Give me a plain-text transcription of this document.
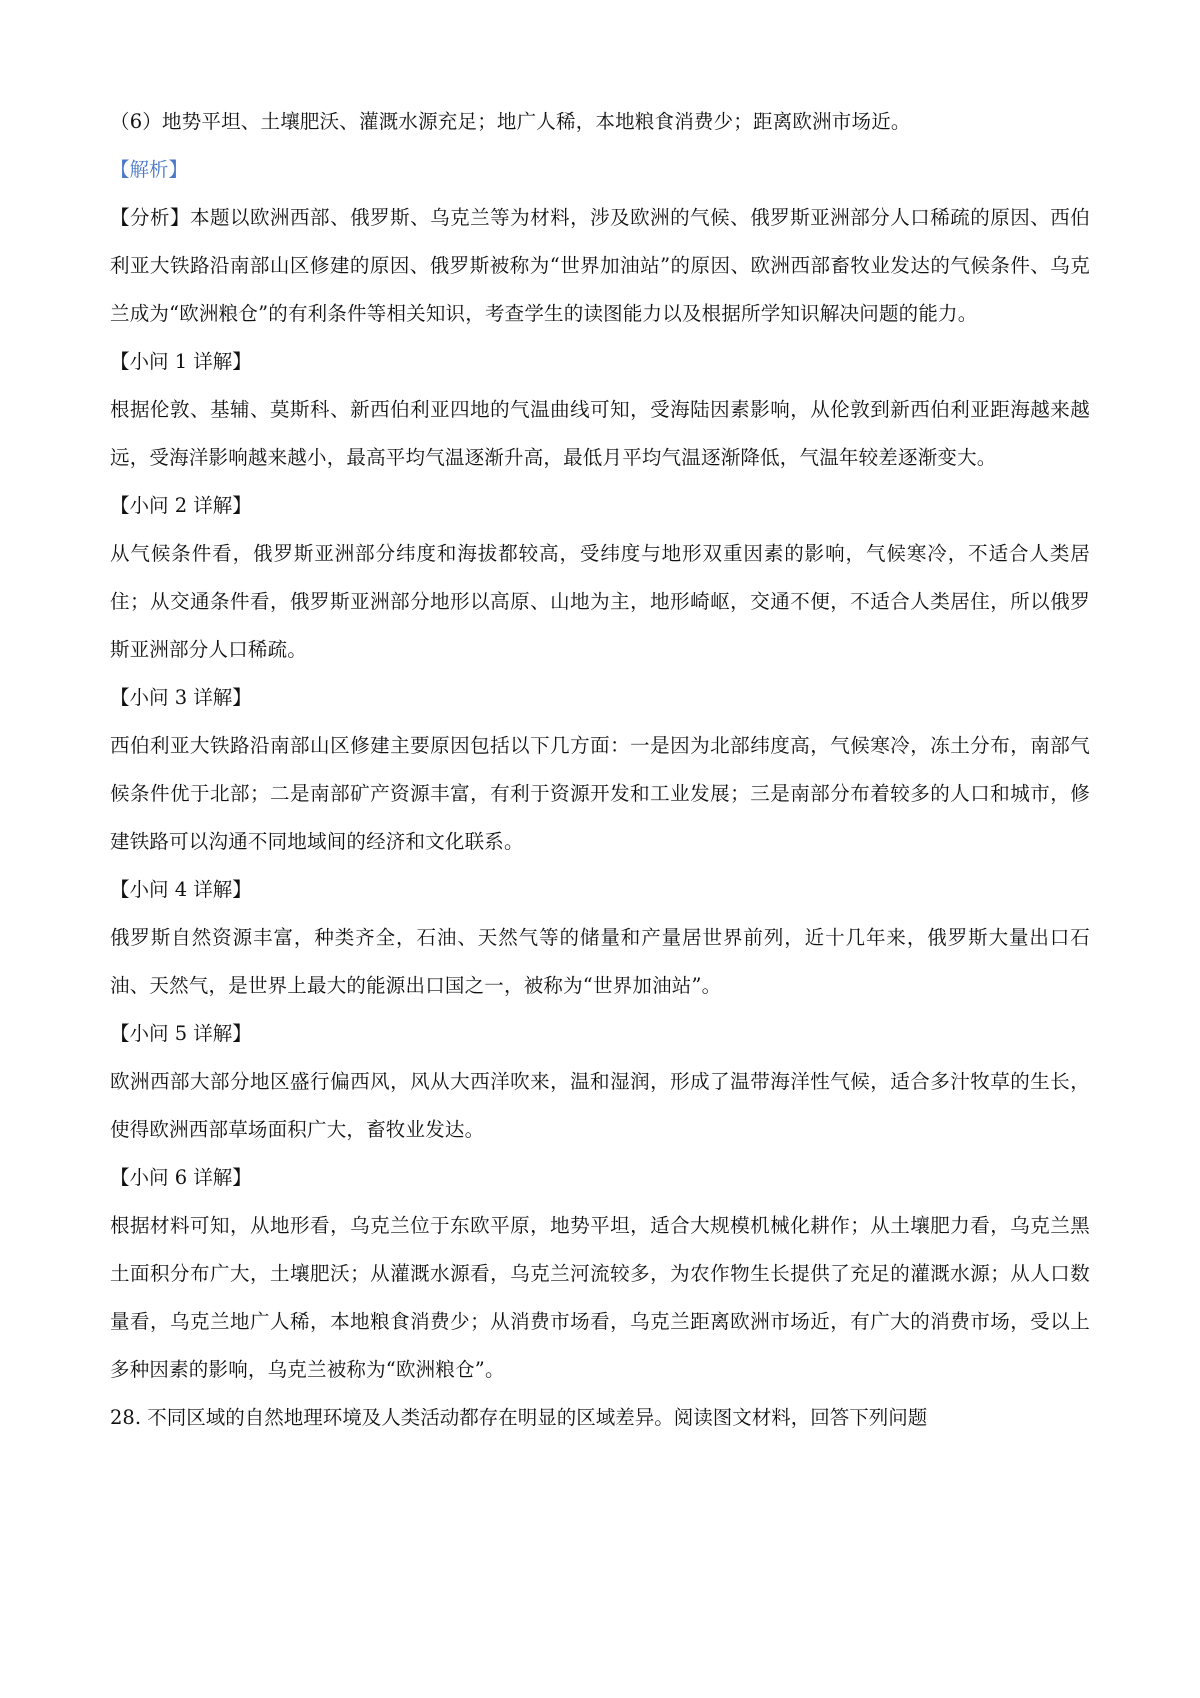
（6）地势平坦、土壤肥沃、灌溉水源充足；地广人稀，本地粮食消费少；距离欧洲市场近。
【解析】
【分析】本题以欧洲西部、俄罗斯、乌克兰等为材料，涉及欧洲的气候、俄罗斯亚洲部分人口稀疏的原因、西伯利亚大铁路沿南部山区修建的原因、俄罗斯被称为“世界加油站”的原因、欧洲西部畜牧业发达的气候条件、乌克兰成为“欧洲粮仓”的有利条件等相关知识，考查学生的读图能力以及根据所学知识解决问题的能力。
【小问 1 详解】
根据伦敦、基辅、莫斯科、新西伯利亚四地的气温曲线可知，受海陆因素影响，从伦敦到新西伯利亚距海越来越远，受海洋影响越来越小，最高平均气温逐渐升高，最低月平均气温逐渐降低，气温年较差逐渐变大。
【小问 2 详解】
从气候条件看，俄罗斯亚洲部分纬度和海拔都较高，受纬度与地形双重因素的影响，气候寒冷，不适合人类居住；从交通条件看，俄罗斯亚洲部分地形以高原、山地为主，地形崎岖，交通不便，不适合人类居住，所以俄罗斯亚洲部分人口稀疏。
【小问 3 详解】
西伯利亚大铁路沿南部山区修建主要原因包括以下几方面：一是因为北部纬度高，气候寒冷，冻土分布，南部气候条件优于北部；二是南部矿产资源丰富，有利于资源开发和工业发展；三是南部分布着较多的人口和城市，修建铁路可以沟通不同地域间的经济和文化联系。
【小问 4 详解】
俄罗斯自然资源丰富，种类齐全，石油、天然气等的储量和产量居世界前列，近十几年来，俄罗斯大量出口石油、天然气，是世界上最大的能源出口国之一，被称为“世界加油站”。
【小问 5 详解】
欧洲西部大部分地区盛行偏西风，风从大西洋吹来，温和湿润，形成了温带海洋性气候，适合多汁牧草的生长，使得欧洲西部草场面积广大，畜牧业发达。
【小问 6 详解】
根据材料可知，从地形看，乌克兰位于东欧平原，地势平坦，适合大规模机械化耕作；从土壤肥力看，乌克兰黑土面积分布广大，土壤肥沃；从灌溉水源看，乌克兰河流较多，为农作物生长提供了充足的灌溉水源；从人口数量看，乌克兰地广人稀，本地粮食消费少；从消费市场看，乌克兰距离欧洲市场近，有广大的消费市场，受以上多种因素的影响，乌克兰被称为“欧洲粮仓”。
28. 不同区域的自然地理环境及人类活动都存在明显的区域差异。阅读图文材料，回答下列问题
